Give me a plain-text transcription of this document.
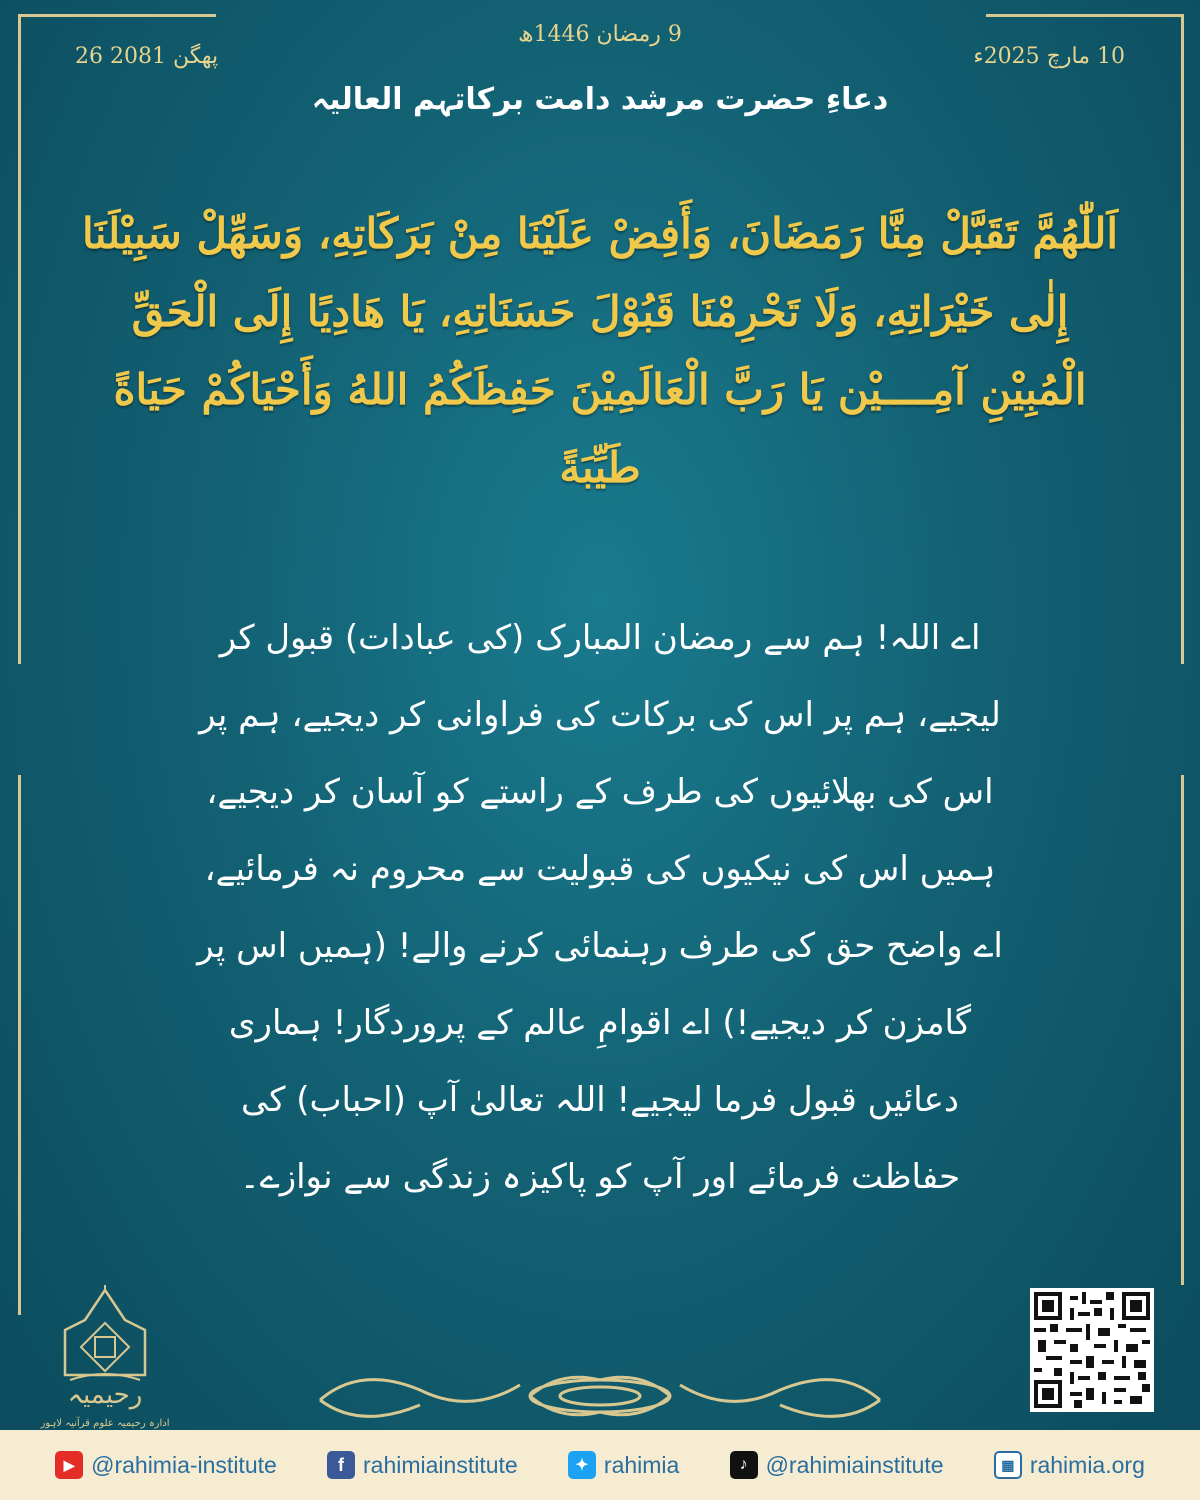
10 مارچ 2025ء
9 رمضان 1446ھ
26 پھگن 2081
دعاءِ حضرت مرشد دامت برکاتہم العالیہ
اَللّٰهُمَّ تَقَبَّلْ مِنَّا رَمَضَانَ، وَأَفِضْ عَلَيْنَا مِنْ بَرَكَاتِهِ، وَسَهِّلْ سَبِيْلَنَا إِلٰى خَيْرَاتِهِ، وَلَا تَحْرِمْنَا قَبُوْلَ حَسَنَاتِهِ، يَا هَادِيًا إِلَى الْحَقِّ الْمُبِيْنِ آمِــــيْن يَا رَبَّ الْعَالَمِيْنَ حَفِظَكُمُ اللهُ وَأَحْيَاكُمْ حَيَاةً طَيِّبَةً
اے اللہ! ہم سے رمضان المبارک (کی عبادات) قبول کر لیجیے، ہم پر اس کی برکات کی فراوانی کر دیجیے، ہم پر اس کی بھلائیوں کی طرف کے راستے کو آسان کر دیجیے، ہمیں اس کی نیکیوں کی قبولیت سے محروم نہ فرمائیے، اے واضح حق کی طرف رہنمائی کرنے والے! (ہمیں اس پر گامزن کر دیجیے!) اے اقوامِ عالم کے پروردگار! ہماری دعائیں قبول فرما لیجیے! اللہ تعالیٰ آپ (احباب) کی حفاظت فرمائے اور آپ کو پاکیزہ زندگی سے نوازے۔
رحیمیہ
ادارہ رحیمیہ علوم قرآنیہ لاہور
▶ @rahimia-institute	f rahimiainstitute	✦ rahimia	♪ @rahimiainstitute	▦ rahimia.org
